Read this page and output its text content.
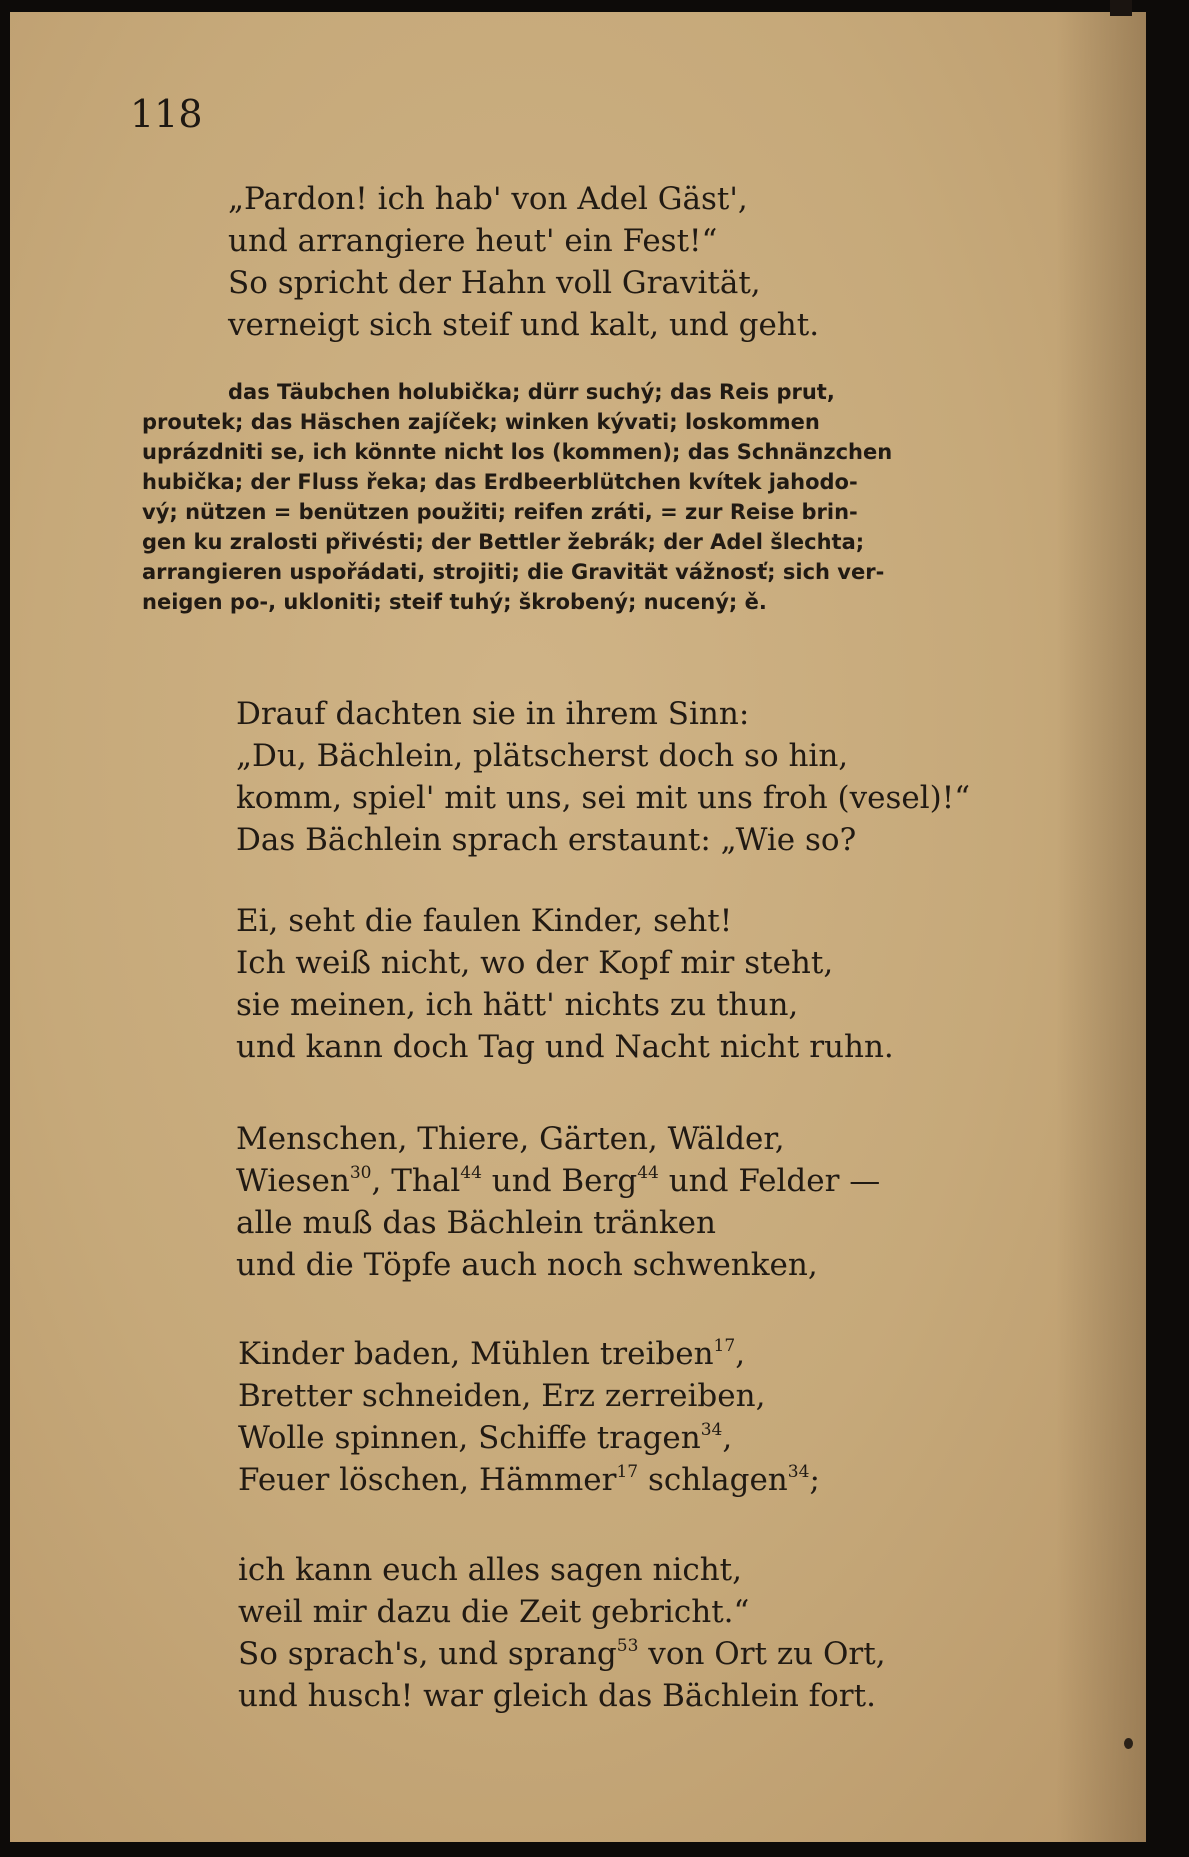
118
„Pardon! ich hab' von Adel Gäst',
und arrangiere heut' ein Fest!“
So spricht der Hahn voll Gravität,
verneigt sich steif und kalt, und geht.
das Täubchen holubička; dürr suchý; das Reis prut,
proutek; das Häschen zajíček; winken kývati; loskommen
uprázdniti se, ich könnte nicht los (kommen); das Schnänzchen
hubička; der Fluss řeka; das Erdbeerblütchen kvítek jahodo-
vý; nützen = benützen použiti; reifen zráti, = zur Reise brin-
gen ku zralosti přivésti; der Bettler žebrák; der Adel šlechta;
arrangieren uspořádati, strojiti; die Gravität vážnosť; sich ver-
neigen po-, ukloniti; steif tuhý; škrobený; nucený; ě.
Drauf dachten sie in ihrem Sinn:
„Du, Bächlein, plätscherst doch so hin,
komm, spiel' mit uns, sei mit uns froh (vesel)!“
Das Bächlein sprach erstaunt: „Wie so?
Ei, seht die faulen Kinder, seht!
Ich weiß nicht, wo der Kopf mir steht,
sie meinen, ich hätt' nichts zu thun,
und kann doch Tag und Nacht nicht ruhn.
Menschen, Thiere, Gärten, Wälder,
Wiesen$^{30}$, Thal$^{44}$ und Berg$^{44}$ und Felder —
alle muß das Bächlein tränken
und die Töpfe auch noch schwenken,
Kinder baden, Mühlen treiben$^{17}$,
Bretter schneiden, Erz zerreiben,
Wolle spinnen, Schiffe tragen$^{34}$,
Feuer löschen, Hämmer$^{17}$ schlagen$^{34}$;
ich kann euch alles sagen nicht,
weil mir dazu die Zeit gebricht.“
So sprach's, und sprang$^{53}$ von Ort zu Ort,
und husch! war gleich das Bächlein fort.
